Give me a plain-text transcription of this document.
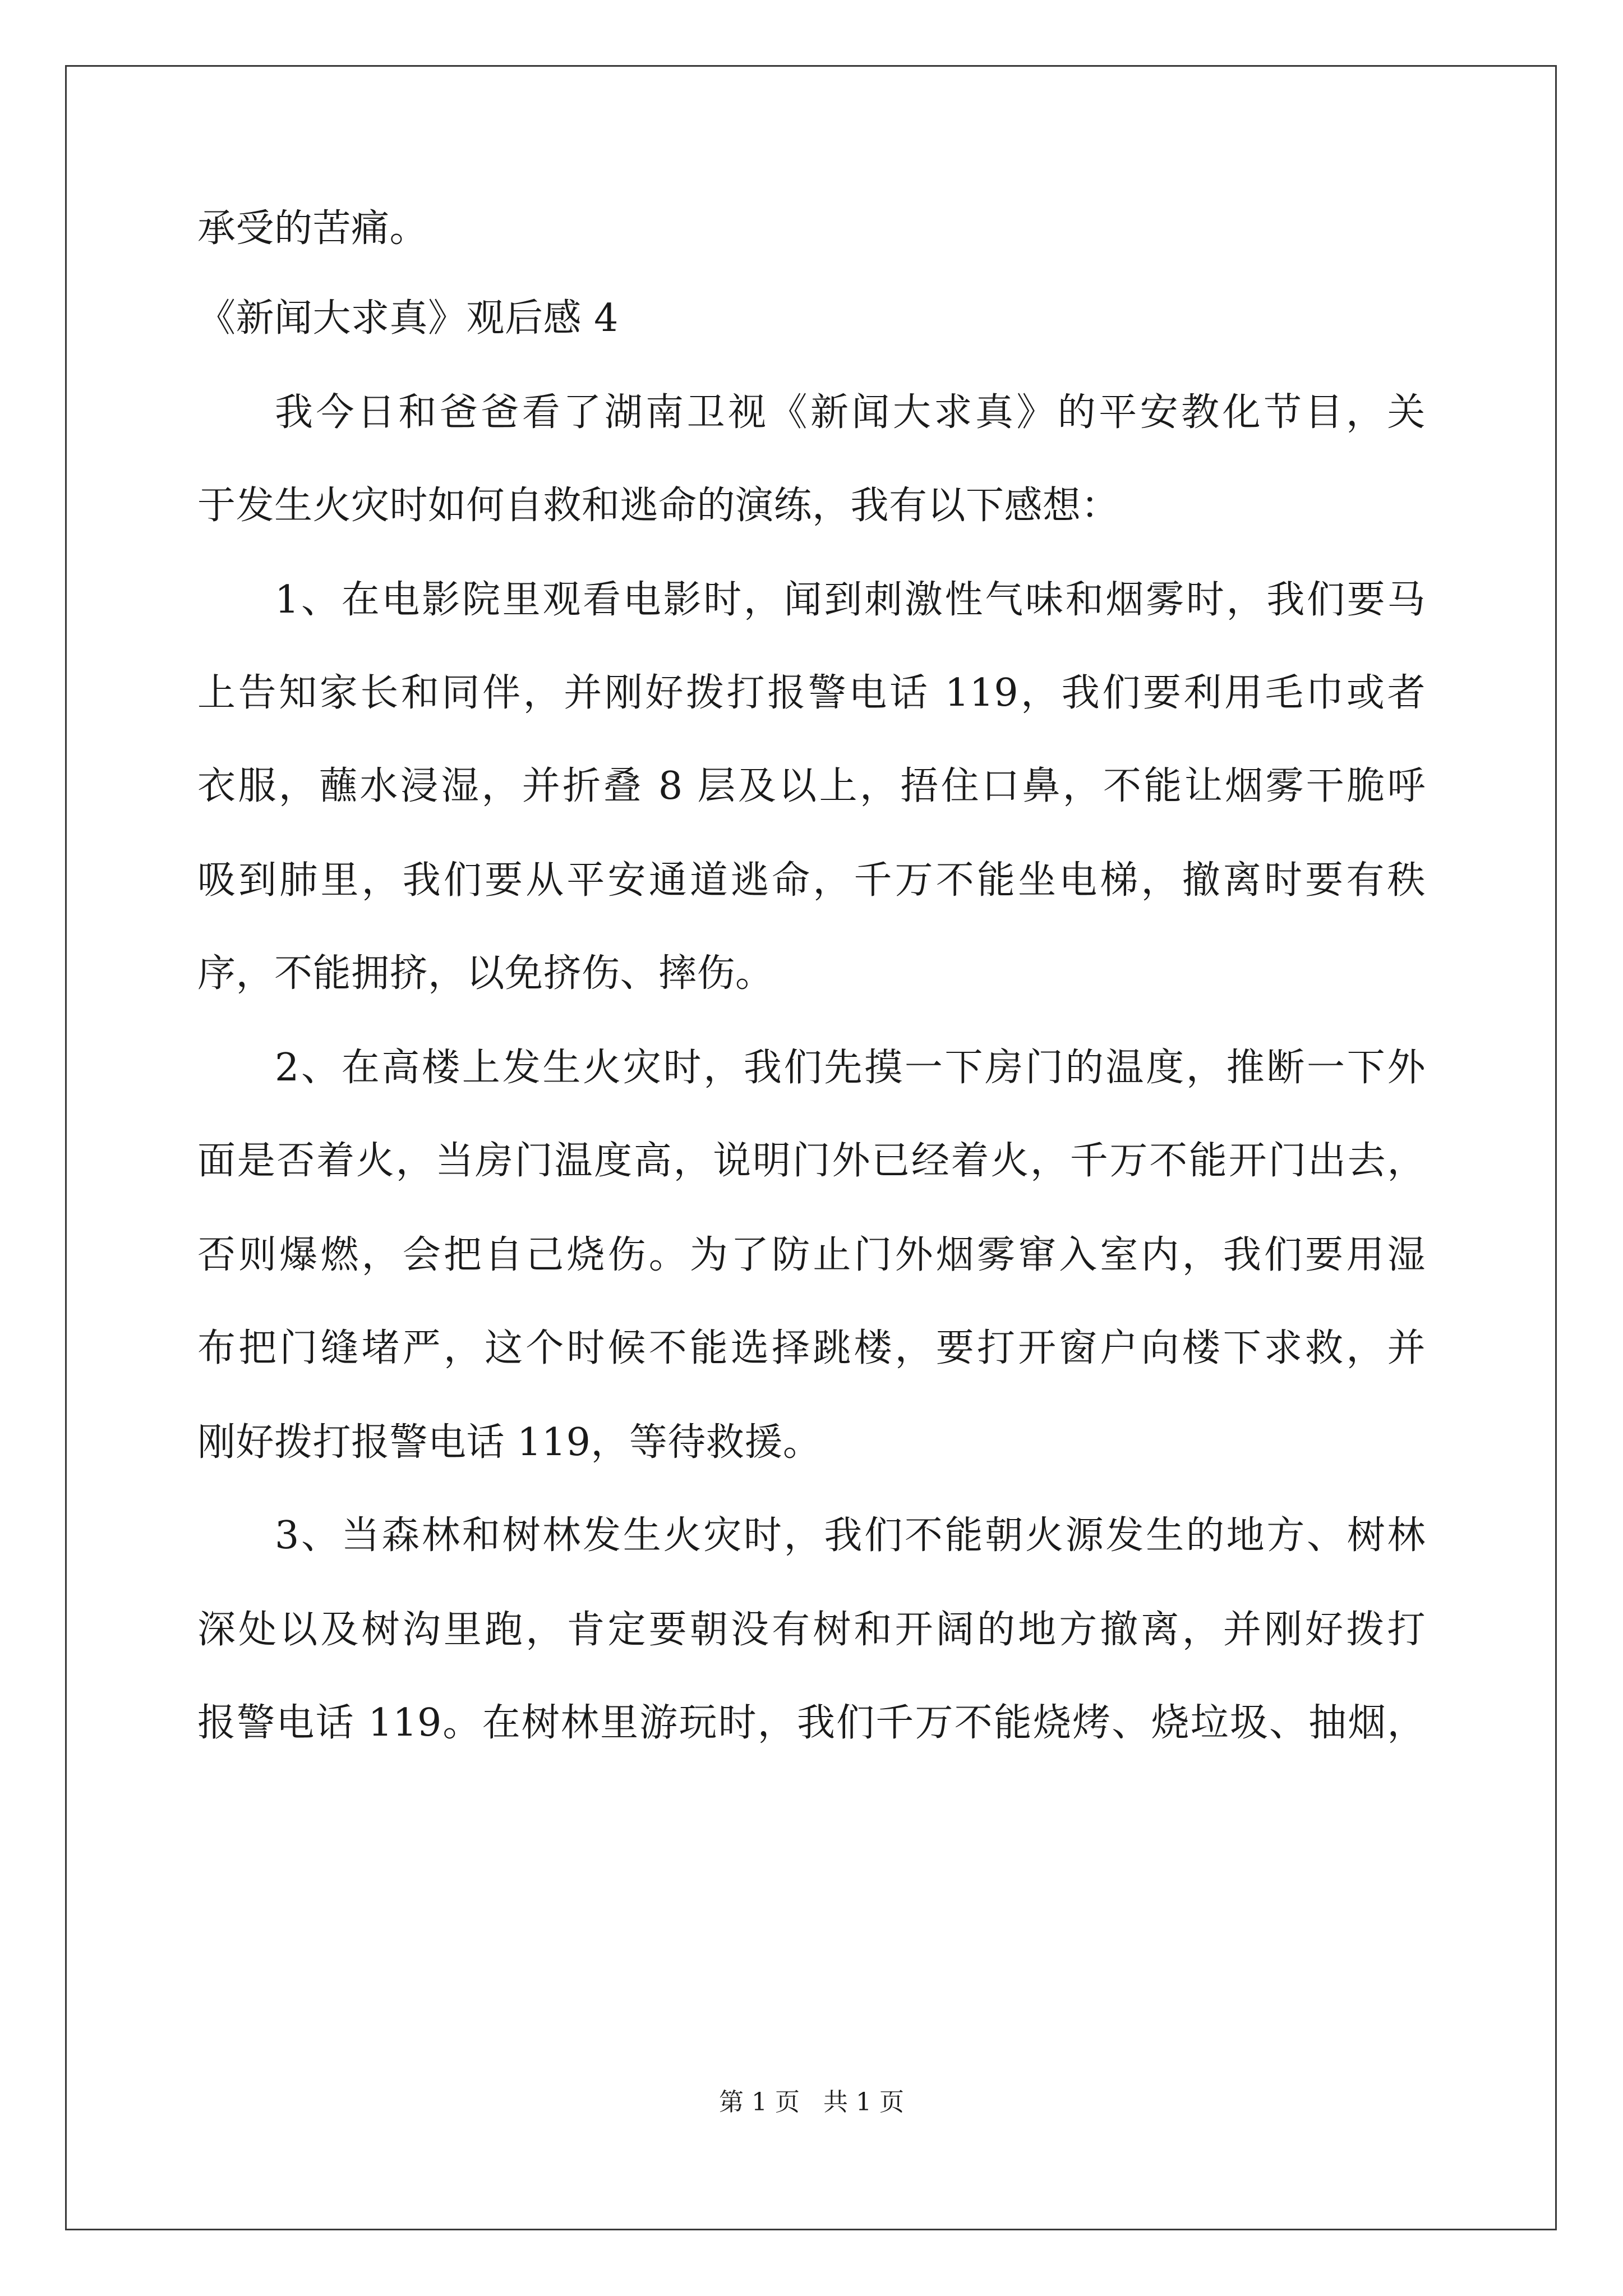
承受的苦痛。
《新闻大求真》观后感 4
我今日和爸爸看了湖南卫视《新闻大求真》的平安教化节目，关
于发生火灾时如何自救和逃命的演练，我有以下感想：
1、在电影院里观看电影时，闻到刺激性气味和烟雾时，我们要马
上告知家长和同伴，并刚好拨打报警电话 119，我们要利用毛巾或者
衣服，蘸水浸湿，并折叠 8 层及以上，捂住口鼻，不能让烟雾干脆呼
吸到肺里，我们要从平安通道逃命，千万不能坐电梯，撤离时要有秩
序，不能拥挤，以免挤伤、摔伤。
2、在高楼上发生火灾时，我们先摸一下房门的温度，推断一下外
面是否着火，当房门温度高，说明门外已经着火，千万不能开门出去，
否则爆燃，会把自己烧伤。为了防止门外烟雾窜入室内，我们要用湿
布把门缝堵严，这个时候不能选择跳楼，要打开窗户向楼下求救，并
刚好拨打报警电话 119，等待救援。
3、当森林和树林发生火灾时，我们不能朝火源发生的地方、树林
深处以及树沟里跑，肯定要朝没有树和开阔的地方撤离，并刚好拨打
报警电话 119。在树林里游玩时，我们千万不能烧烤、烧垃圾、抽烟，
第 1 页   共 1 页
